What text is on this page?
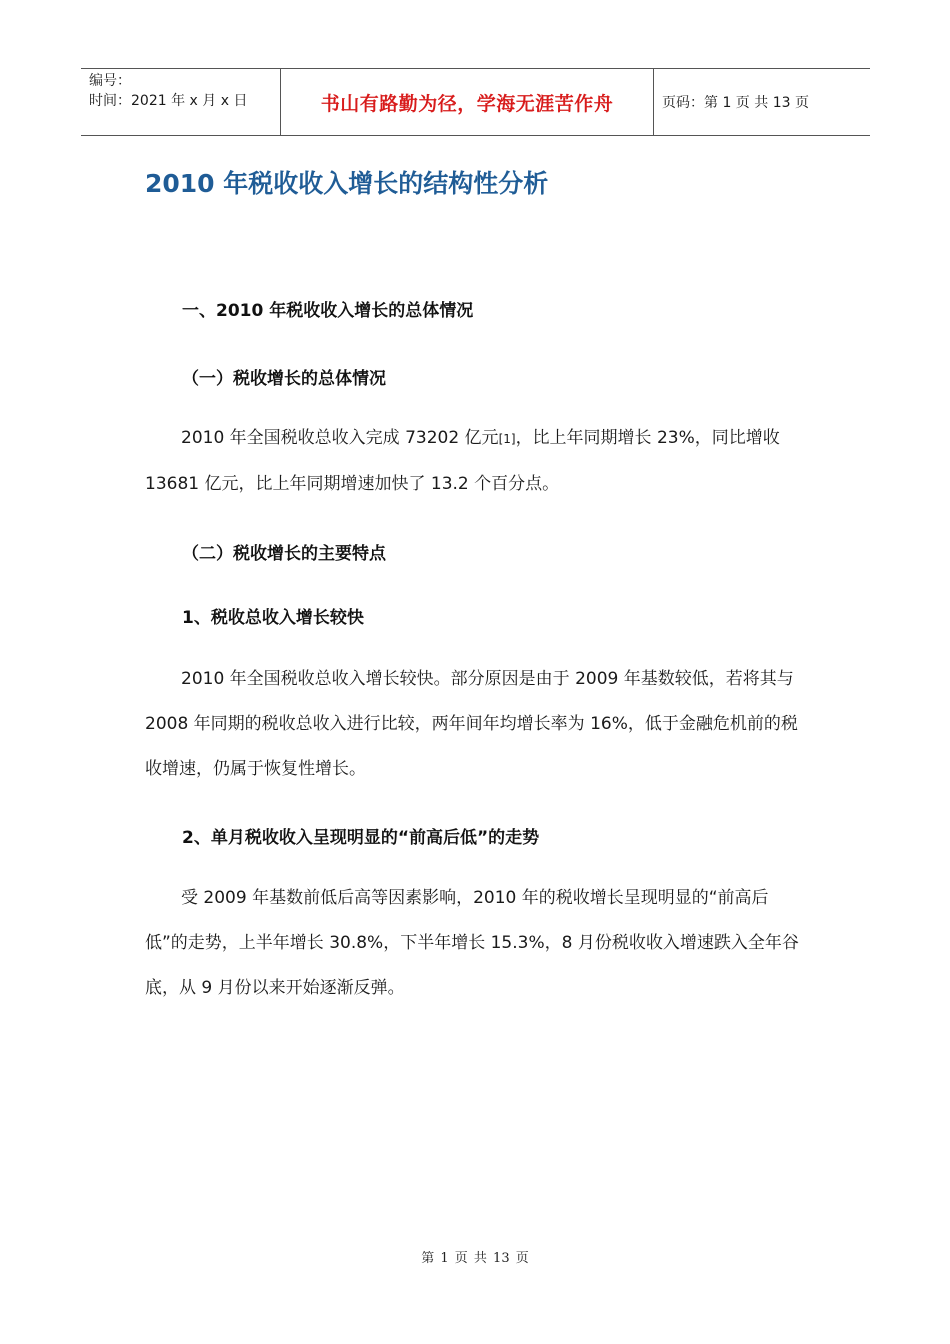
编号：
时间：2021 年 x 月 x 日	书山有路勤为径，学海无涯苦作舟	页码：第 1 页 共 13 页
2010 年税收收入增长的结构性分析
一、2010 年税收收入增长的总体情况
（一）税收增长的总体情况

2010 年全国税收总收入完成 73202 亿元[1]，比上年同期增长 23%，同比增收 13681 亿元，比上年同期增速加快了 13.2 个百分点。

（二）税收增长的主要特点
1、税收总收入增长较快

2010 年全国税收总收入增长较快。部分原因是由于 2009 年基数较低，若将其与 2008 年同期的税收总收入进行比较，两年间年均增长率为 16%，低于金融危机前的税收增速，仍属于恢复性增长。

2、单月税收收入呈现明显的“前高后低”的走势

受 2009 年基数前低后高等因素影响，2010 年的税收增长呈现明显的“前高后低”的走势，上半年增长 30.8%，下半年增长 15.3%，8 月份税收收入增速跌入全年谷底，从 9 月份以来开始逐渐反弹。

第 1 页 共 13 页
